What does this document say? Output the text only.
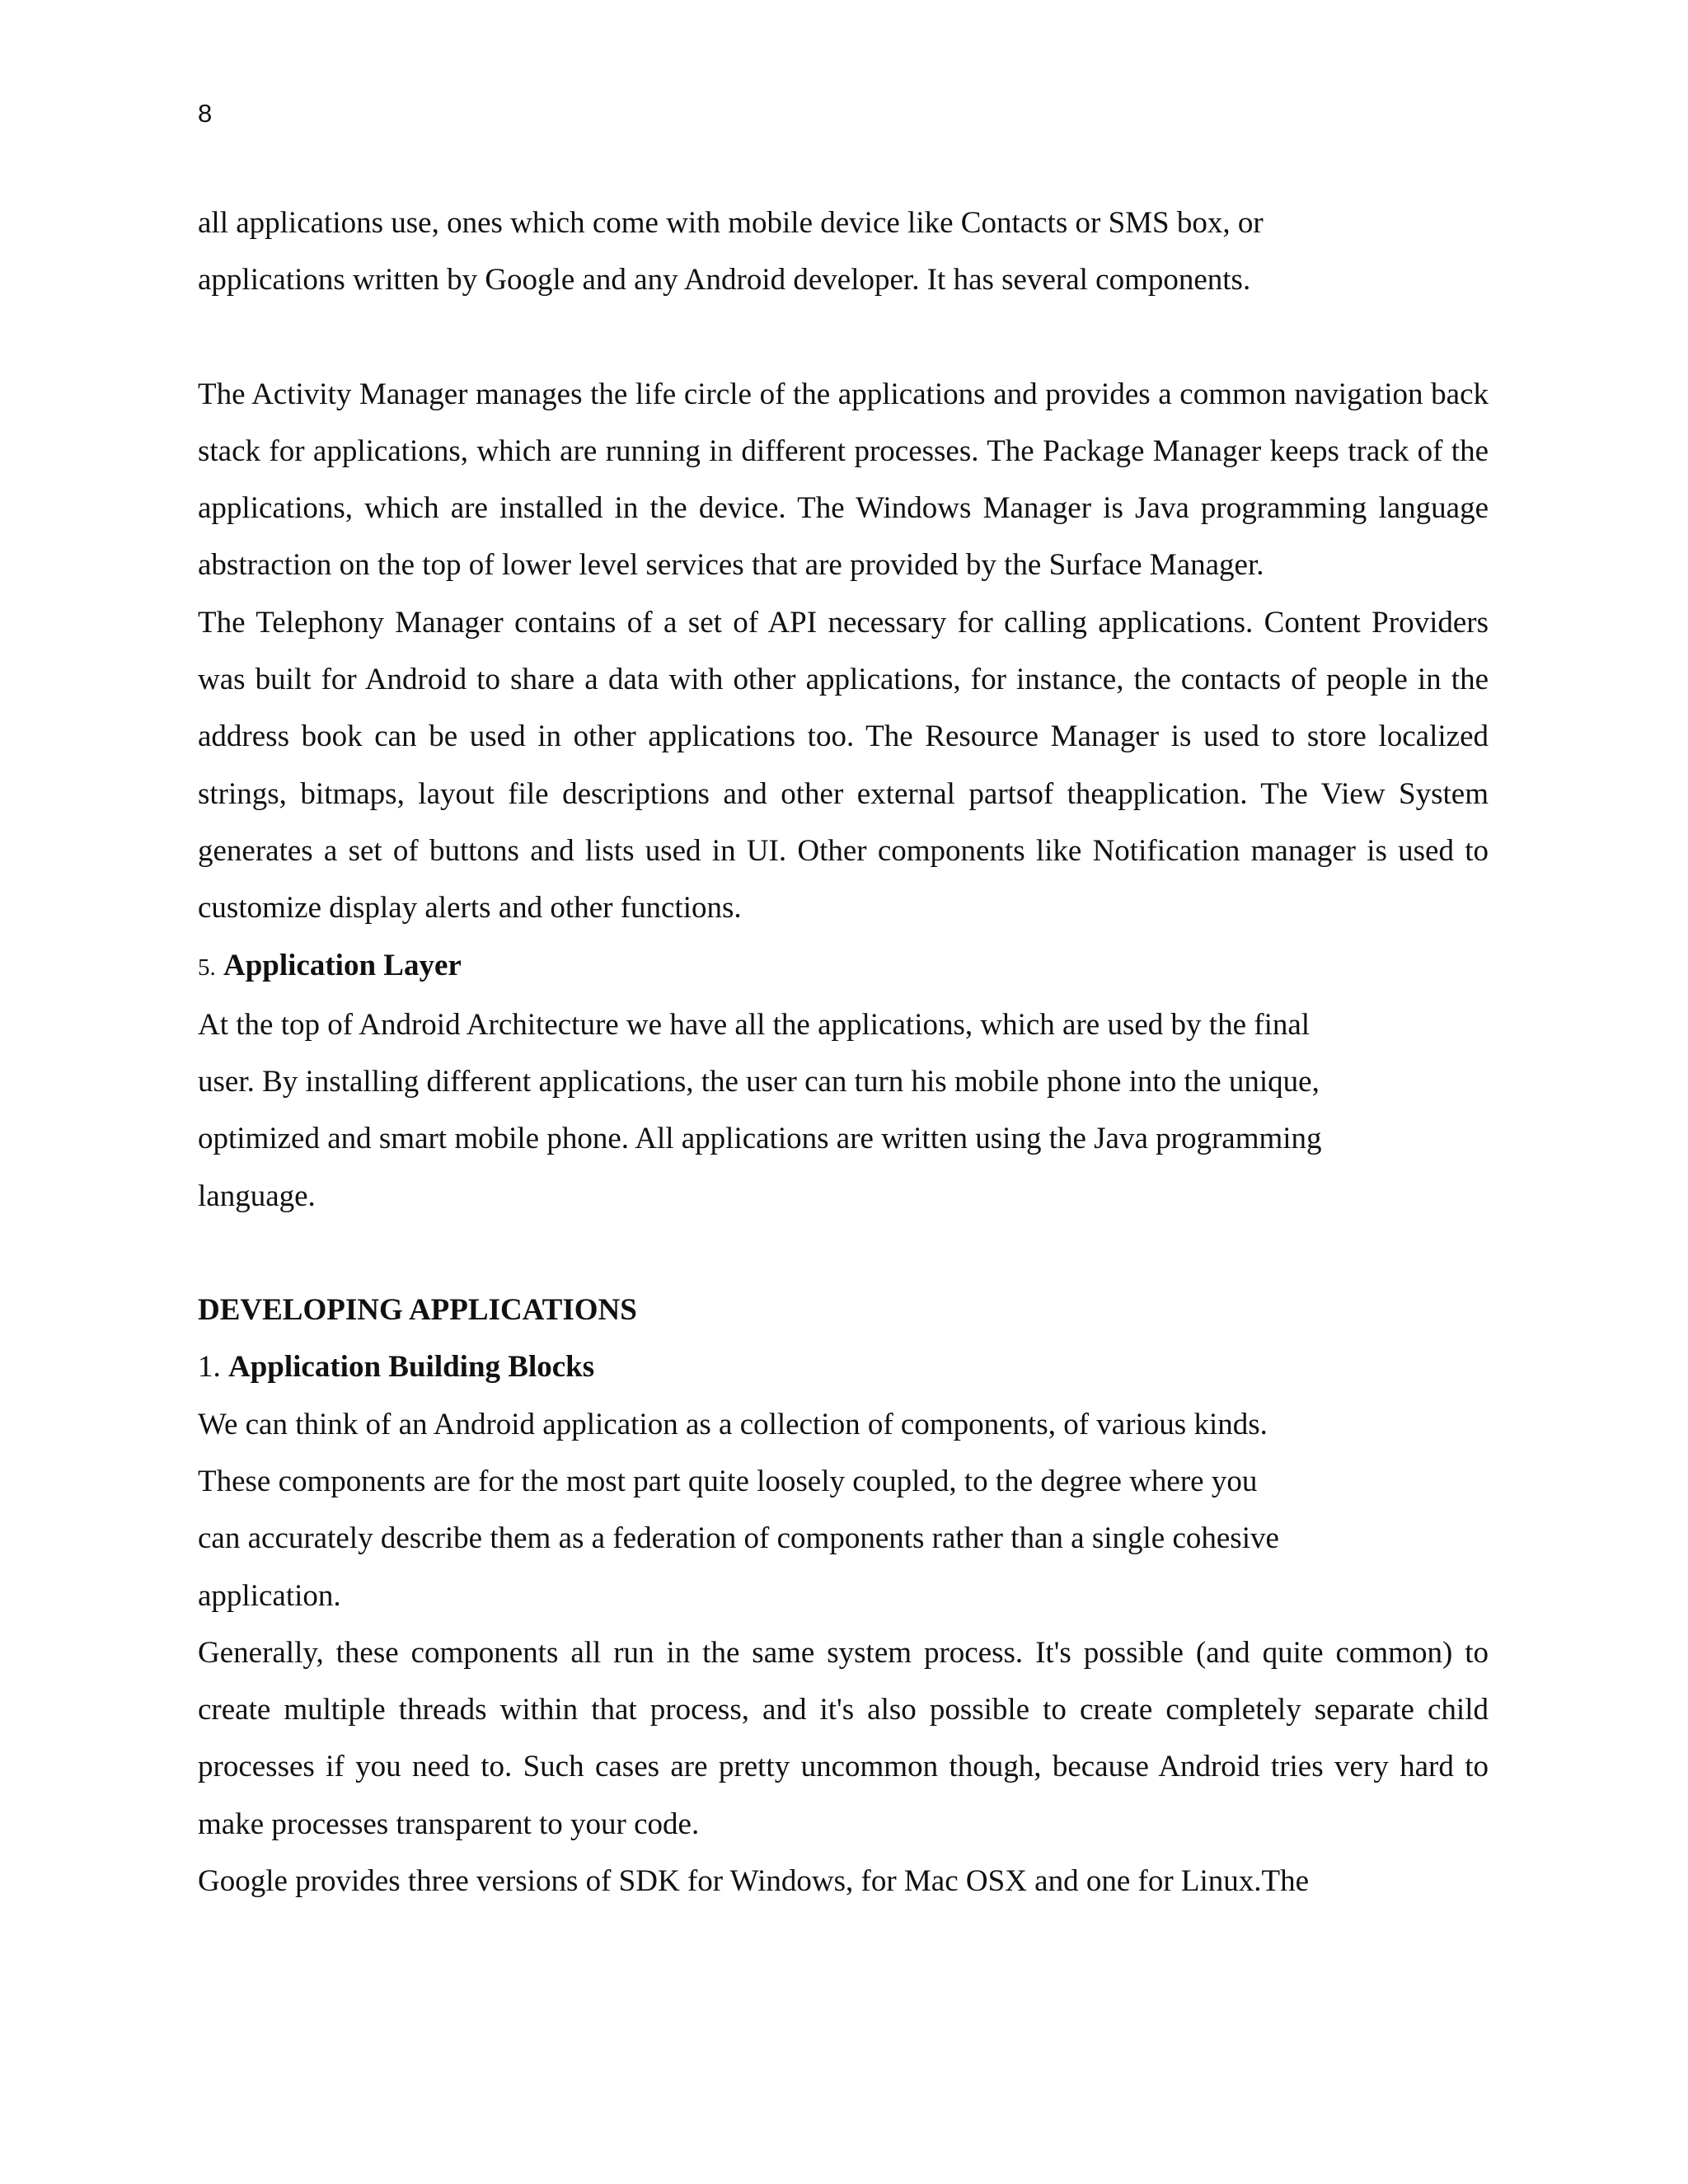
8

all applications use, ones which come with mobile device like Contacts or SMS box, or

applications written by Google and any Android developer. It has several components.

The Activity Manager manages the life circle of the applications and provides a common navigation back stack for applications, which are running in different processes. The Package Manager keeps track of the applications, which are installed in the device. The Windows Manager is Java programming language abstraction on the top of lower level services that are provided by the Surface Manager.

The Telephony Manager contains of a set of API necessary for calling applications. Content Providers was built for Android to share a data with other applications, for instance, the contacts of people in the address book can be used in other applications too. The Resource Manager is used to store localized strings, bitmaps, layout file descriptions and other external partsof theapplication. The View System generates a set of buttons and lists used in UI. Other components like Notification manager is used to customize display alerts and other functions.

5. Application Layer

At the top of Android Architecture we have all the applications, which are used by the final

user. By installing different applications, the user can turn his mobile phone into the unique,

optimized and smart mobile phone. All applications are written using the Java programming

language.

DEVELOPING APPLICATIONS

1. Application Building Blocks

We can think of an Android application as a collection of components, of various kinds.

These components are for the most part quite loosely coupled, to the degree where you

can accurately describe them as a federation of components rather than a single cohesive

application.

Generally, these components all run in the same system process. It's possible (and quite common) to create multiple threads within that process, and it's also possible to create completely separate child processes if you need to. Such cases are pretty uncommon though, because Android tries very hard to make processes transparent to your code.

Google provides three versions of SDK for Windows, for Mac OSX and one for Linux.The
